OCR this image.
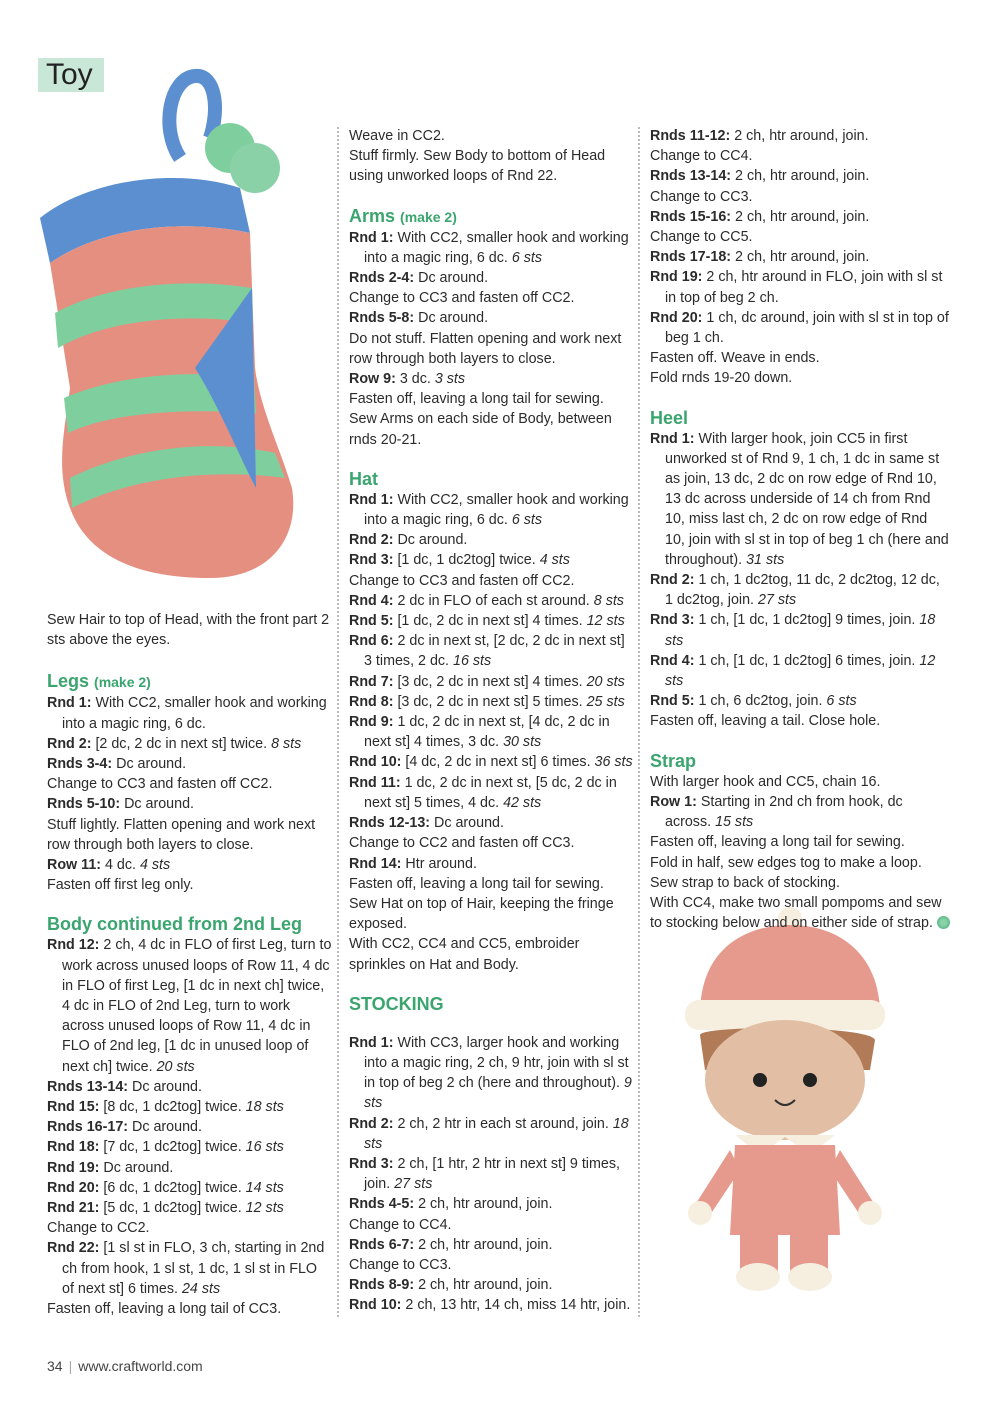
Toy

Sew Hair to top of Head, with the front part 2 sts above the eyes.

Legs (make 2)

Rnd 1: With CC2, smaller hook and working into a magic ring, 6 dc.

Rnd 2: [2 dc, 2 dc in next st] twice. 8 sts

Rnds 3-4: Dc around.

Change to CC3 and fasten off CC2.

Rnds 5-10: Dc around.

Stuff lightly. Flatten opening and work next row through both layers to close.

Row 11: 4 dc. 4 sts

Fasten off first leg only.

Body continued from 2nd Leg

Rnd 12: 2 ch, 4 dc in FLO of first Leg, turn to work across unused loops of Row 11, 4 dc in FLO of first Leg, [1 dc in next ch] twice, 4 dc in FLO of 2nd Leg, turn to work across unused loops of Row 11, 4 dc in FLO of 2nd leg, [1 dc in unused loop of next ch] twice. 20 sts

Rnds 13-14: Dc around.

Rnd 15: [8 dc, 1 dc2tog] twice. 18 sts

Rnds 16-17: Dc around.

Rnd 18: [7 dc, 1 dc2tog] twice. 16 sts

Rnd 19: Dc around.

Rnd 20: [6 dc, 1 dc2tog] twice. 14 sts

Rnd 21: [5 dc, 1 dc2tog] twice. 12 sts

Change to CC2.

Rnd 22: [1 sl st in FLO, 3 ch, starting in 2nd ch from hook, 1 sl st, 1 dc, 1 sl st in FLO of next st] 6 times. 24 sts

Fasten off, leaving a long tail of CC3.

Weave in CC2.

Stuff firmly. Sew Body to bottom of Head using unworked loops of Rnd 22.

Arms (make 2)

Rnd 1: With CC2, smaller hook and working into a magic ring, 6 dc. 6 sts

Rnds 2-4: Dc around.

Change to CC3 and fasten off CC2.

Rnds 5-8: Dc around.

Do not stuff. Flatten opening and work next row through both layers to close.

Row 9: 3 dc. 3 sts

Fasten off, leaving a long tail for sewing.

Sew Arms on each side of Body, between rnds 20-21.

Hat

Rnd 1: With CC2, smaller hook and working into a magic ring, 6 dc. 6 sts

Rnd 2: Dc around.

Rnd 3: [1 dc, 1 dc2tog] twice. 4 sts

Change to CC3 and fasten off CC2.

Rnd 4: 2 dc in FLO of each st around. 8 sts

Rnd 5: [1 dc, 2 dc in next st] 4 times. 12 sts

Rnd 6: 2 dc in next st, [2 dc, 2 dc in next st] 3 times, 2 dc. 16 sts

Rnd 7: [3 dc, 2 dc in next st] 4 times. 20 sts

Rnd 8: [3 dc, 2 dc in next st] 5 times. 25 sts

Rnd 9: 1 dc, 2 dc in next st, [4 dc, 2 dc in next st] 4 times, 3 dc. 30 sts

Rnd 10: [4 dc, 2 dc in next st] 6 times. 36 sts

Rnd 11: 1 dc, 2 dc in next st, [5 dc, 2 dc in next st] 5 times, 4 dc. 42 sts

Rnds 12-13: Dc around.

Change to CC2 and fasten off CC3.

Rnd 14: Htr around.

Fasten off, leaving a long tail for sewing.

Sew Hat on top of Hair, keeping the fringe exposed.

With CC2, CC4 and CC5, embroider sprinkles on Hat and Body.

STOCKING

Rnd 1: With CC3, larger hook and working into a magic ring, 2 ch, 9 htr, join with sl st in top of beg 2 ch (here and throughout). 9 sts

Rnd 2: 2 ch, 2 htr in each st around, join. 18 sts

Rnd 3: 2 ch, [1 htr, 2 htr in next st] 9 times, join. 27 sts

Rnds 4-5: 2 ch, htr around, join.

Change to CC4.

Rnds 6-7: 2 ch, htr around, join.

Change to CC3.

Rnds 8-9: 2 ch, htr around, join.

Rnd 10: 2 ch, 13 htr, 14 ch, miss 14 htr, join.

Rnds 11-12: 2 ch, htr around, join.

Change to CC4.

Rnds 13-14: 2 ch, htr around, join.

Change to CC3.

Rnds 15-16: 2 ch, htr around, join.

Change to CC5.

Rnds 17-18: 2 ch, htr around, join.

Rnd 19: 2 ch, htr around in FLO, join with sl st in top of beg 2 ch.

Rnd 20: 1 ch, dc around, join with sl st in top of beg 1 ch.

Fasten off. Weave in ends.

Fold rnds 19-20 down.

Heel

Rnd 1: With larger hook, join CC5 in first unworked st of Rnd 9, 1 ch, 1 dc in same st as join, 13 dc, 2 dc on row edge of Rnd 10, 13 dc across underside of 14 ch from Rnd 10, miss last ch, 2 dc on row edge of Rnd 10, join with sl st in top of beg 1 ch (here and throughout). 31 sts

Rnd 2: 1 ch, 1 dc2tog, 11 dc, 2 dc2tog, 12 dc, 1 dc2tog, join. 27 sts

Rnd 3: 1 ch, [1 dc, 1 dc2tog] 9 times, join. 18 sts

Rnd 4: 1 ch, [1 dc, 1 dc2tog] 6 times, join. 12 sts

Rnd 5: 1 ch, 6 dc2tog, join. 6 sts

Fasten off, leaving a tail. Close hole.

Strap

With larger hook and CC5, chain 16.

Row 1: Starting in 2nd ch from hook, dc across. 15 sts

Fasten off, leaving a long tail for sewing.

Fold in half, sew edges tog to make a loop.

Sew strap to back of stocking.

With CC4, make two small pompoms and sew to stocking below and on either side of strap.

34 | www.craftworld.com
